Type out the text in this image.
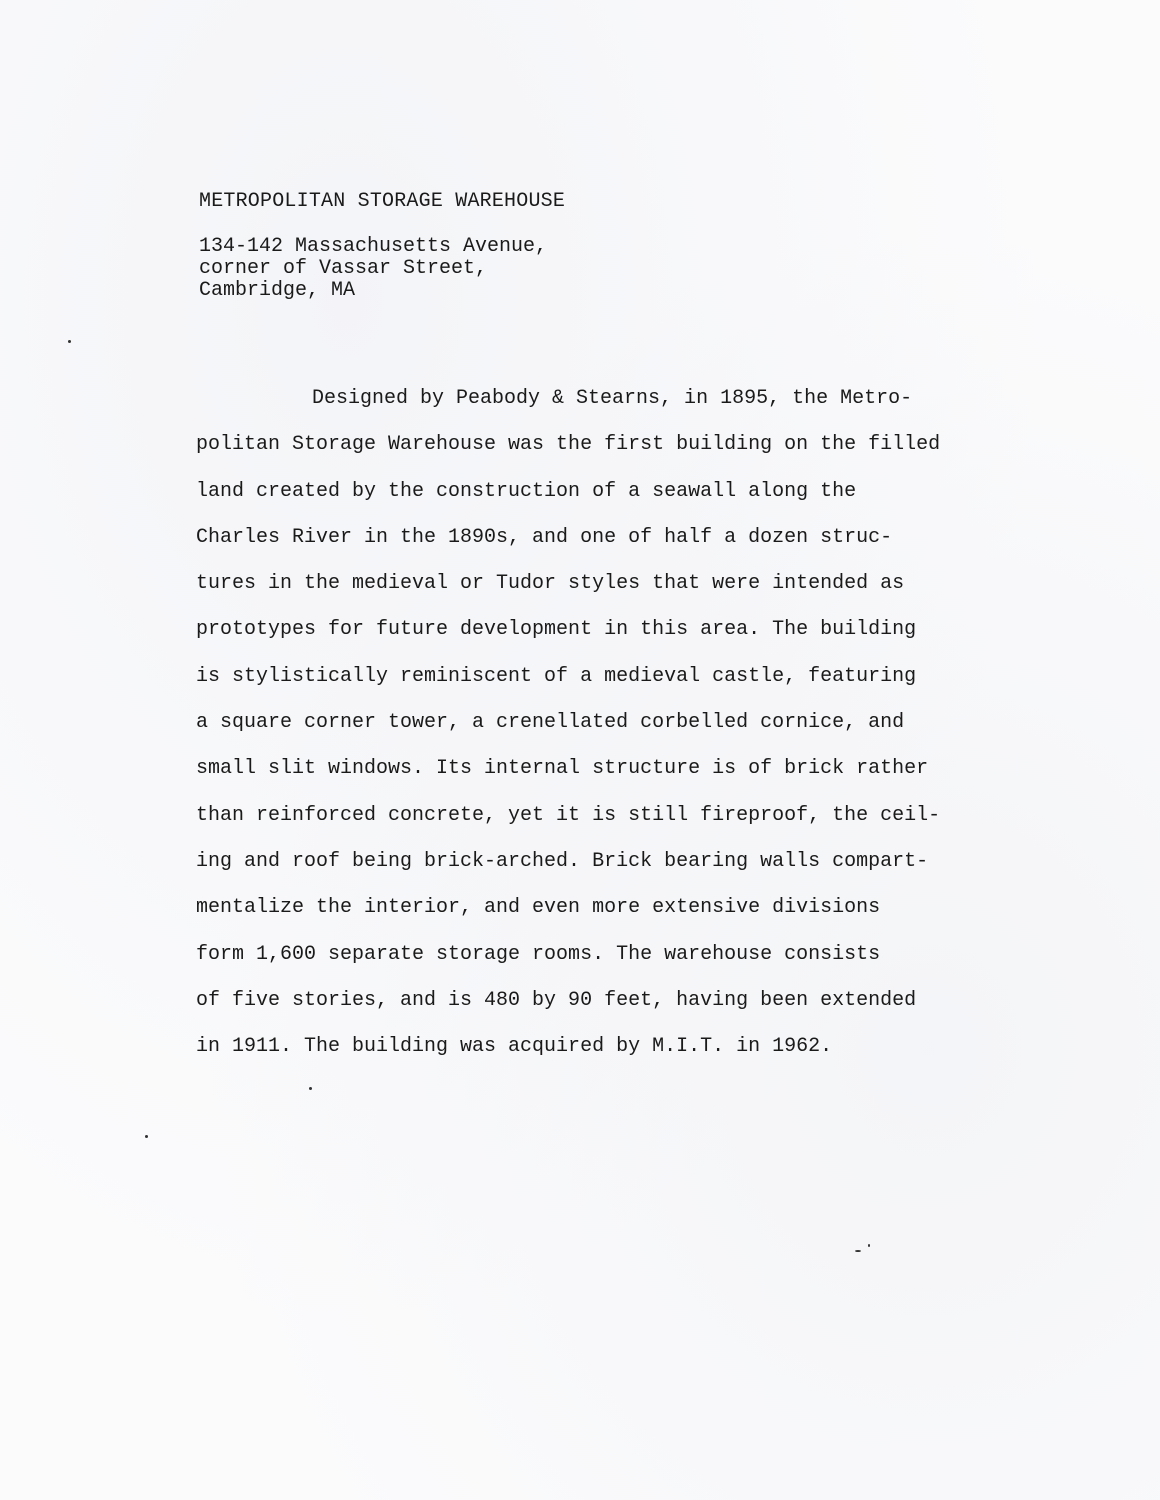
METROPOLITAN STORAGE WAREHOUSE
134-142 Massachusetts Avenue,
corner of Vassar Street,
Cambridge, MA
Designed by Peabody & Stearns, in 1895, the Metro-
politan Storage Warehouse was the first building on the filled
land created by the construction of a seawall along the
Charles River in the 1890s, and one of half a dozen struc-
tures in the medieval or Tudor styles that were intended as
prototypes for future development in this area. The building
is stylistically reminiscent of a medieval castle, featuring
a square corner tower, a crenellated corbelled cornice, and
small slit windows. Its internal structure is of brick rather
than reinforced concrete, yet it is still fireproof, the ceil-
ing and roof being brick-arched. Brick bearing walls compart-
mentalize the interior, and even more extensive divisions
form 1,600 separate storage rooms. The warehouse consists
of five stories, and is 480 by 90 feet, having been extended
in 1911. The building was acquired by M.I.T. in 1962.
